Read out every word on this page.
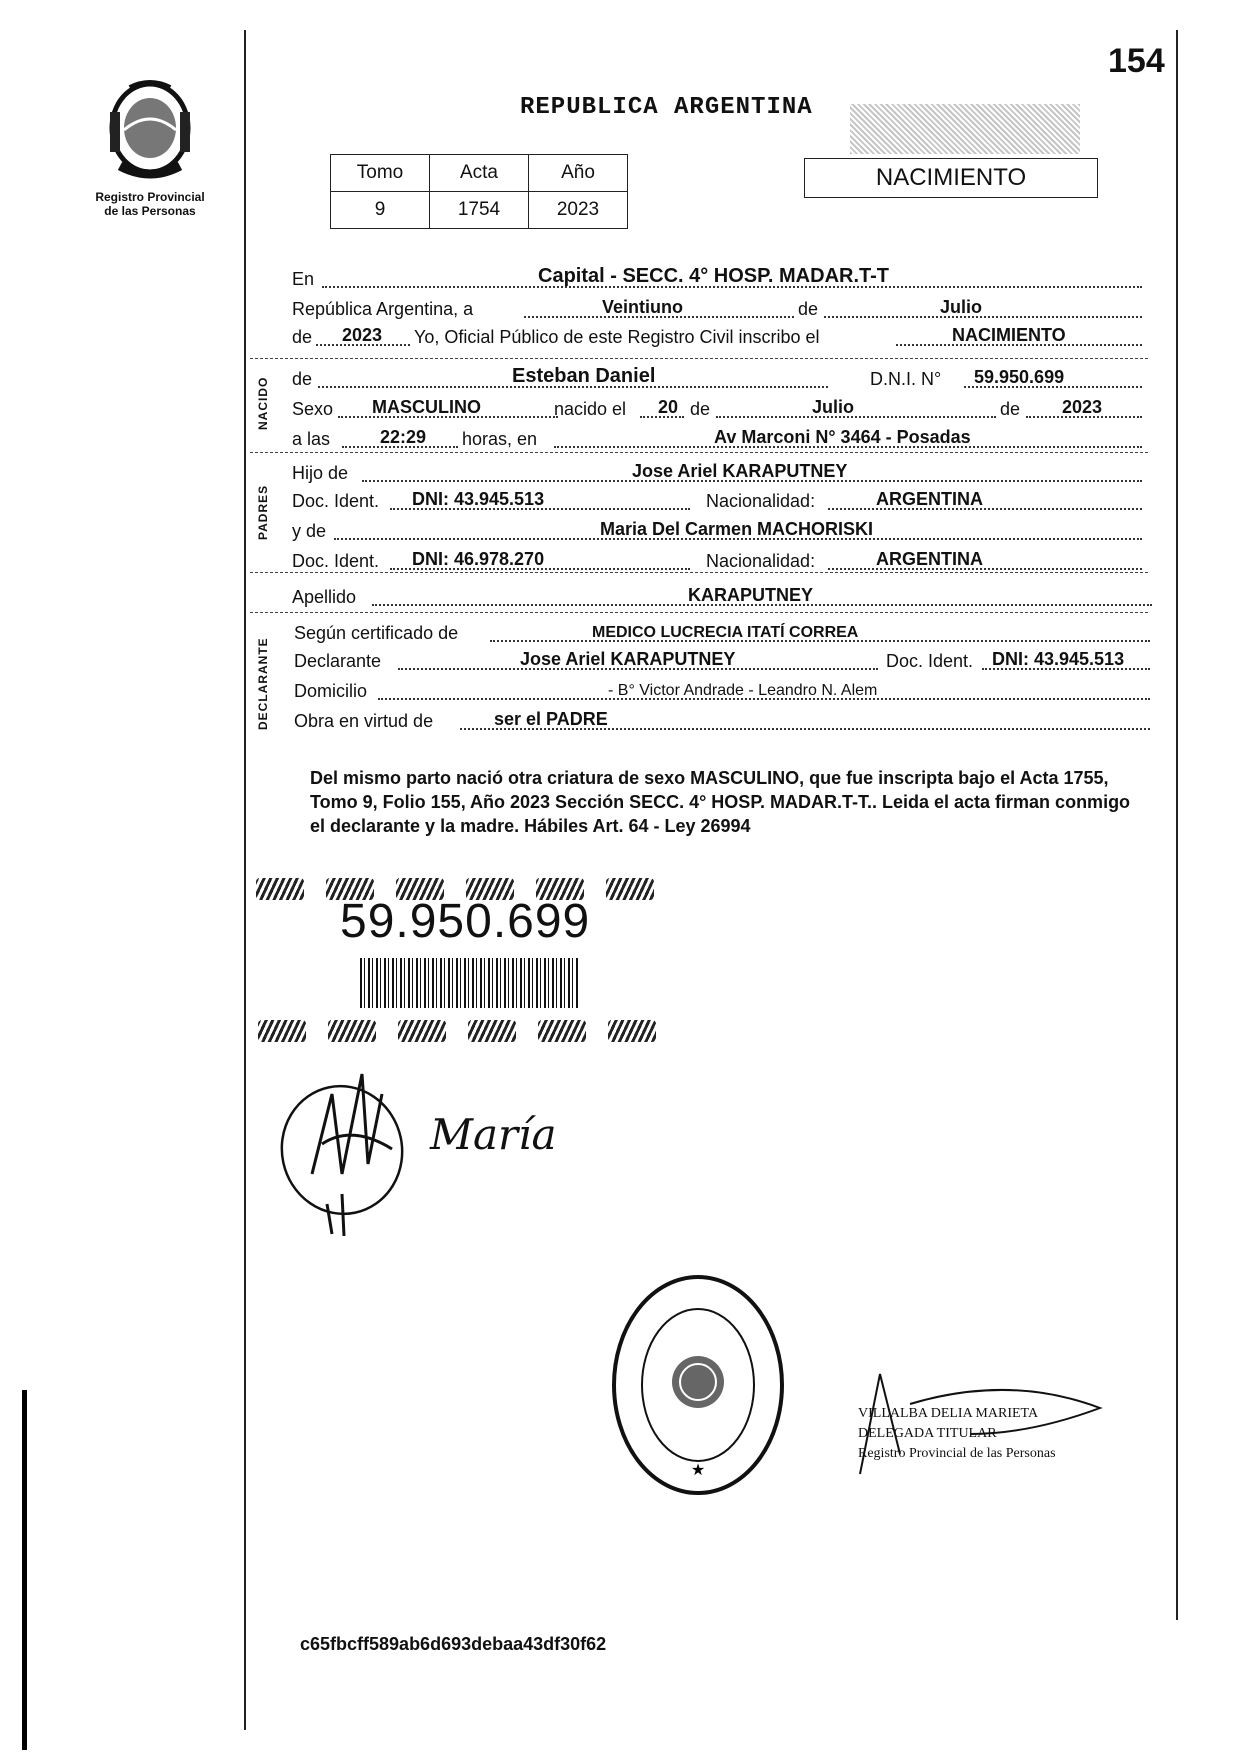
Registro Provincial de las Personas
154
REPUBLICA ARGENTINA
Tomo	Acta	Año
9	1754	2023
NACIMIENTO
En	Capital - SECC. 4° HOSP. MADAR.T-T
República Argentina, a	Veintiuno	de	Julio
de 2023 Yo, Oficial Público de este Registro Civil inscribo el	NACIMIENTO
de	Esteban Daniel	D.N.I. N° 59.950.699
Sexo MASCULINO	nacido el 20 de	Julio	de 2023
a las	22:29 horas, en	Av Marconi N° 3464 - Posadas
Hijo de	Jose Ariel KARAPUTNEY
Doc. Ident. DNI: 43.945.513	Nacionalidad:	ARGENTINA
y de	Maria Del Carmen MACHORISKI
Doc. Ident. DNI: 46.978.270	Nacionalidad:	ARGENTINA
Apellido	KARAPUTNEY
Según certificado de	MEDICO LUCRECIA ITATÍ CORREA
Declarante	Jose Ariel KARAPUTNEY	Doc. Ident. DNI: 43.945.513
Domicilio	- B° Victor Andrade - Leandro N. Alem
Obra en virtud de	ser el PADRE
NACIDO
PADRES
DECLARANTE
Del mismo parto nació otra criatura de sexo MASCULINO, que fue inscripta bajo el Acta 1755, Tomo 9, Folio 155, Año 2023 Sección SECC. 4° HOSP. MADAR.T-T.. Leida el acta firman conmigo el declarante y la madre. Hábiles Art. 64 - Ley 26994
59.950.699
María
★
VILLALBA DELIA MARIETA
DELEGADA TITULAR
Registro Provincial de las Personas
c65fbcff589ab6d693debaa43df30f62
